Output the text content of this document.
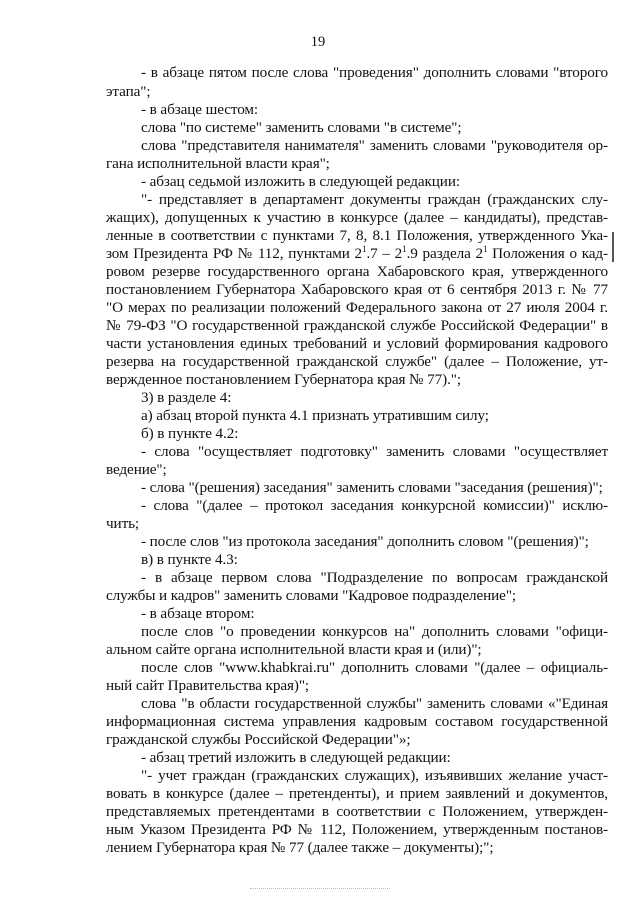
19
- в абзаце пятом после слова "проведения" дополнить словами "второго
этапа";
- в абзаце шестом:
слова "по системе" заменить словами "в системе";
слова "представителя нанимателя" заменить словами "руководителя ор-
гана исполнительной власти края";
- абзац седьмой изложить в следующей редакции:
"- представляет в департамент документы граждан (гражданских слу-
жащих), допущенных к участию в конкурсе (далее – кандидаты), представ-
ленные в соответствии с пунктами 7, 8, 8.1 Положения, утвержденного Ука-
зом Президента РФ № 112, пунктами $2^1.7 - 2^1.9$ раздела $2^1$ Положения о кад-
ровом резерве государственного органа Хабаровского края, утвержденного
постановлением Губернатора Хабаровского края от 6 сентября 2013 г. № 77
"О мерах по реализации положений Федерального закона от 27 июля 2004 г.
№ 79-ФЗ "О государственной гражданской службе Российской Федерации" в
части установления единых требований и условий формирования кадрового
резерва на государственной гражданской службе" (далее – Положение, ут-
вержденное постановлением Губернатора края № 77).";
3) в разделе 4:
а) абзац второй пункта 4.1 признать утратившим силу;
б) в пункте 4.2:
- слова "осуществляет подготовку" заменить словами "осуществляет
ведение";
- слова "(решения) заседания" заменить словами "заседания (решения)";
- слова "(далее – протокол заседания конкурсной комиссии)" исклю-
чить;
- после слов "из протокола заседания" дополнить словом "(решения)";
в) в пункте 4.3:
- в абзаце первом слова "Подразделение по вопросам гражданской
службы и кадров" заменить словами "Кадровое подразделение";
- в абзаце втором:
после слов "о проведении конкурсов на" дополнить словами "офици-
альном сайте органа исполнительной власти края и (или)";
после слов "www.khabkrai.ru" дополнить словами "(далее – официаль-
ный сайт Правительства края)";
слова "в области государственной службы" заменить словами «"Единая
информационная система управления кадровым составом государственной
гражданской службы Российской Федерации"»;
- абзац третий изложить в следующей редакции:
"- учет граждан (гражданских служащих), изъявивших желание участ-
вовать в конкурсе (далее – претенденты), и прием заявлений и документов,
представляемых претендентами в соответствии с Положением, утвержден-
ным Указом Президента РФ № 112, Положением, утвержденным постанов-
лением Губернатора края № 77 (далее также – документы);";
